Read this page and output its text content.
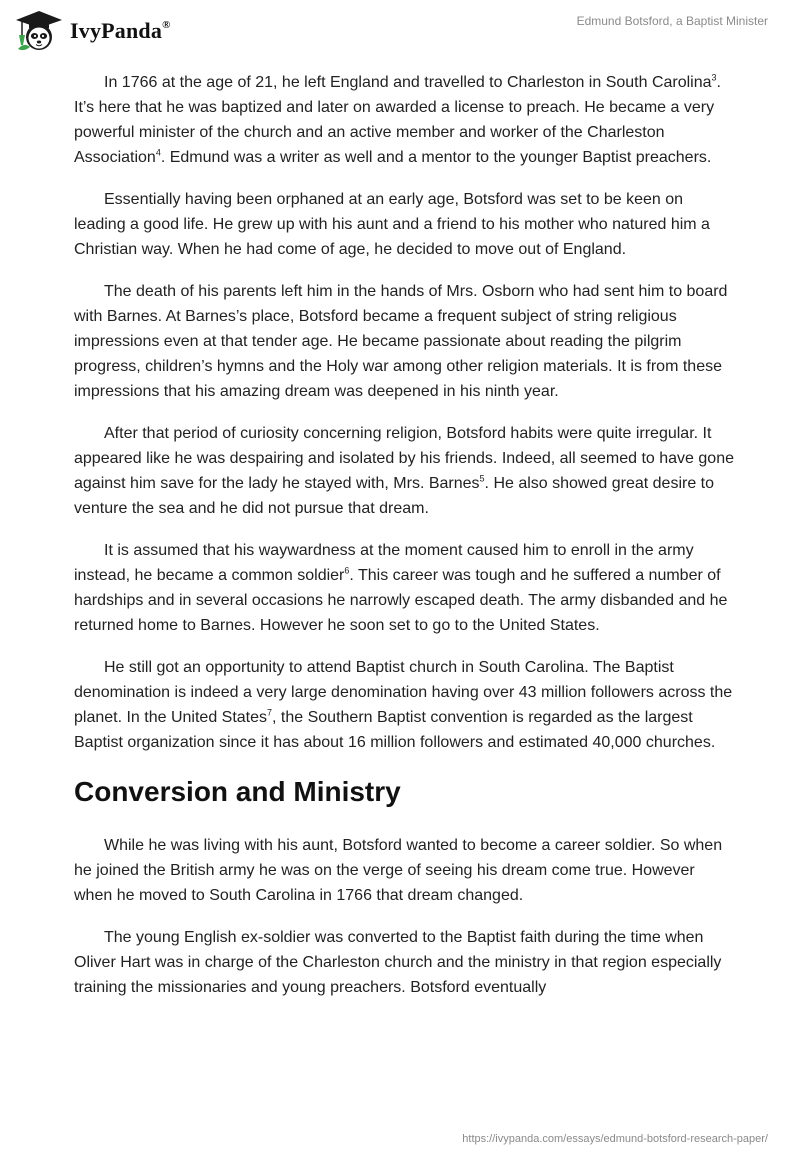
IvyPanda®	Edmund Botsford, a Baptist Minister

In 1766 at the age of 21, he left England and travelled to Charleston in South Carolina$^3$. It’s here that he was baptized and later on awarded a license to preach. He became a very powerful minister of the church and an active member and worker of the Charleston Association$^4$. Edmund was a writer as well and a mentor to the younger Baptist preachers.

Essentially having been orphaned at an early age, Botsford was set to be keen on leading a good life. He grew up with his aunt and a friend to his mother who natured him a Christian way. When he had come of age, he decided to move out of England.

The death of his parents left him in the hands of Mrs. Osborn who had sent him to board with Barnes. At Barnes’s place, Botsford became a frequent subject of string religious impressions even at that tender age. He became passionate about reading the pilgrim progress, children’s hymns and the Holy war among other religion materials. It is from these impressions that his amazing dream was deepened in his ninth year.

After that period of curiosity concerning religion, Botsford habits were quite irregular. It appeared like he was despairing and isolated by his friends. Indeed, all seemed to have gone against him save for the lady he stayed with, Mrs. Barnes$^5$. He also showed great desire to venture the sea and he did not pursue that dream.

It is assumed that his waywardness at the moment caused him to enroll in the army instead, he became a common soldier$^6$. This career was tough and he suffered a number of hardships and in several occasions he narrowly escaped death. The army disbanded and he returned home to Barnes. However he soon set to go to the United States.

He still got an opportunity to attend Baptist church in South Carolina. The Baptist denomination is indeed a very large denomination having over 43 million followers across the planet. In the United States$^7$, the Southern Baptist convention is regarded as the largest Baptist organization since it has about 16 million followers and estimated 40,000 churches.

Conversion and Ministry

While he was living with his aunt, Botsford wanted to become a career soldier. So when he joined the British army he was on the verge of seeing his dream come true. However when he moved to South Carolina in 1766 that dream changed.

The young English ex-soldier was converted to the Baptist faith during the time when Oliver Hart was in charge of the Charleston church and the ministry in that region especially training the missionaries and young preachers. Botsford eventually

https://ivypanda.com/essays/edmund-botsford-research-paper/
